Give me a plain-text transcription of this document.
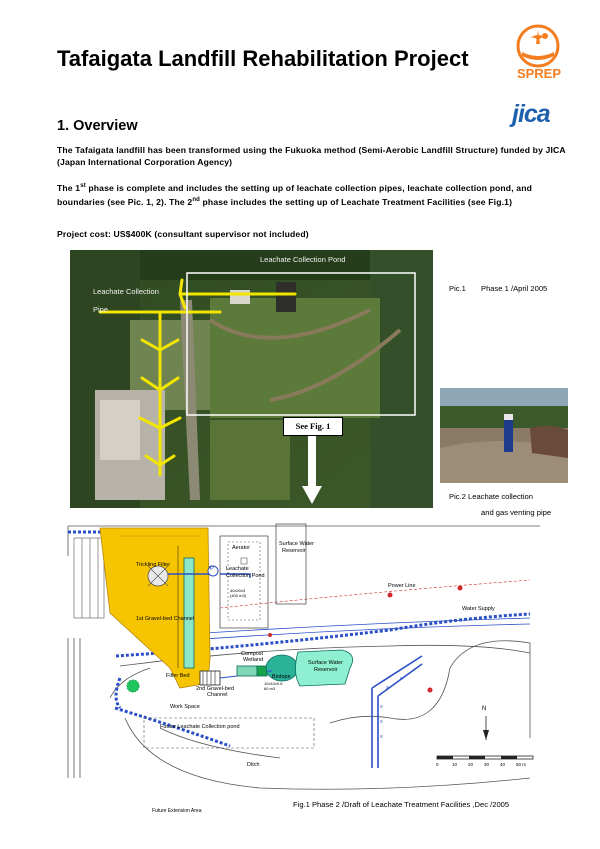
Tafaigata Landfill Rehabilitation Project
SPREP
jica
1. Overview
The Tafaigata landfill has been transformed using the Fukuoka method (Semi-Aerobic Landfill Structure) funded by JICA (Japan International Corporation Agency)
The 1st phase is complete and includes the setting up of leachate collection pipes, leachate collection pond, and boundaries (see Pic. 1, 2). The 2nd phase includes the setting up of Leachate Treatment Facilities (see Fig.1)
Project cost: US$400K (consultant supervisor not included)
Leachate Collection Pond
Leachate Collection
Pipe
See Fig. 1
Pic.1 Phase 1 /April 2005
Pic.2 Leachate collection
and gas venting pipe
≡
≡
≡
≡
≡
Trickling Filter
P
Aerator
Leachate
Collection Pond
40x20x3
(400 m3)
Surface Water
Reservoir
Power Line
Water Supply
1st Gravel-bed Channel
Compost
Wetland
Biotope
Surface Water
Reservoir
10x10x0.6
60 m3
Filter Bed
2nd Gravel-bed
Channel
Work Space
Future Leachate Collection pond
Ditch
Future Extension Area
N
0	10 20 30 40 50 m
Fig.1 Phase 2 /Draft of Leachate Treatment Facilities ,Dec /2005
